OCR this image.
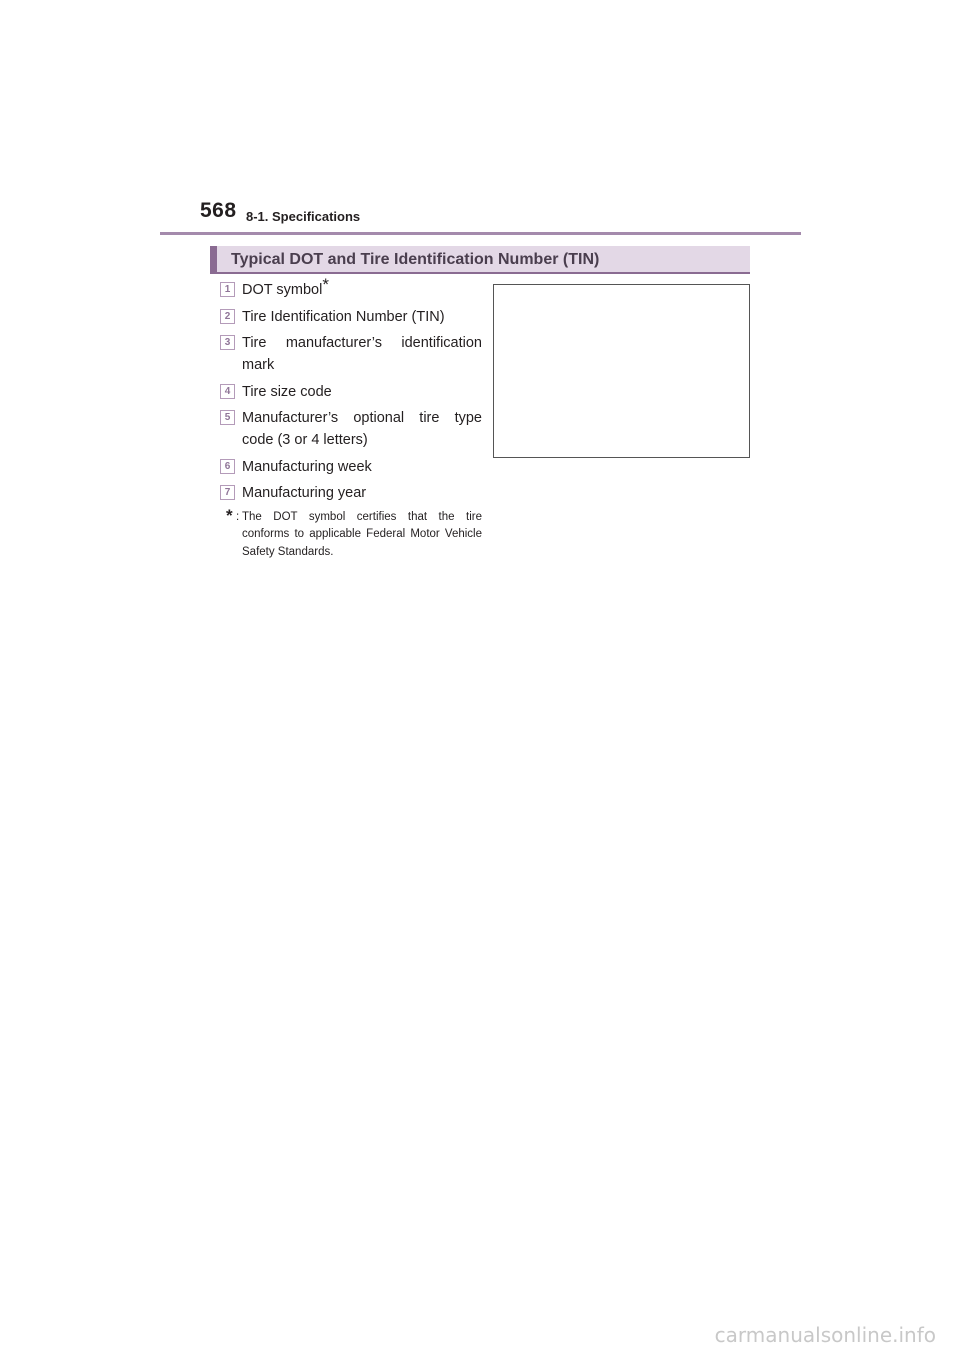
568 8-1. Specifications
Typical DOT and Tire Identification Number (TIN)
1 DOT symbol*
2 Tire Identification Number (TIN)
3 Tire manufacturer’s identification mark
4 Tire size code
5 Manufacturer’s optional tire type code (3 or 4 letters)
6 Manufacturing week
7 Manufacturing year
* : The DOT symbol certifies that the tire conforms to applicable Federal Motor Vehicle Safety Standards.
carmanualsonline.info
